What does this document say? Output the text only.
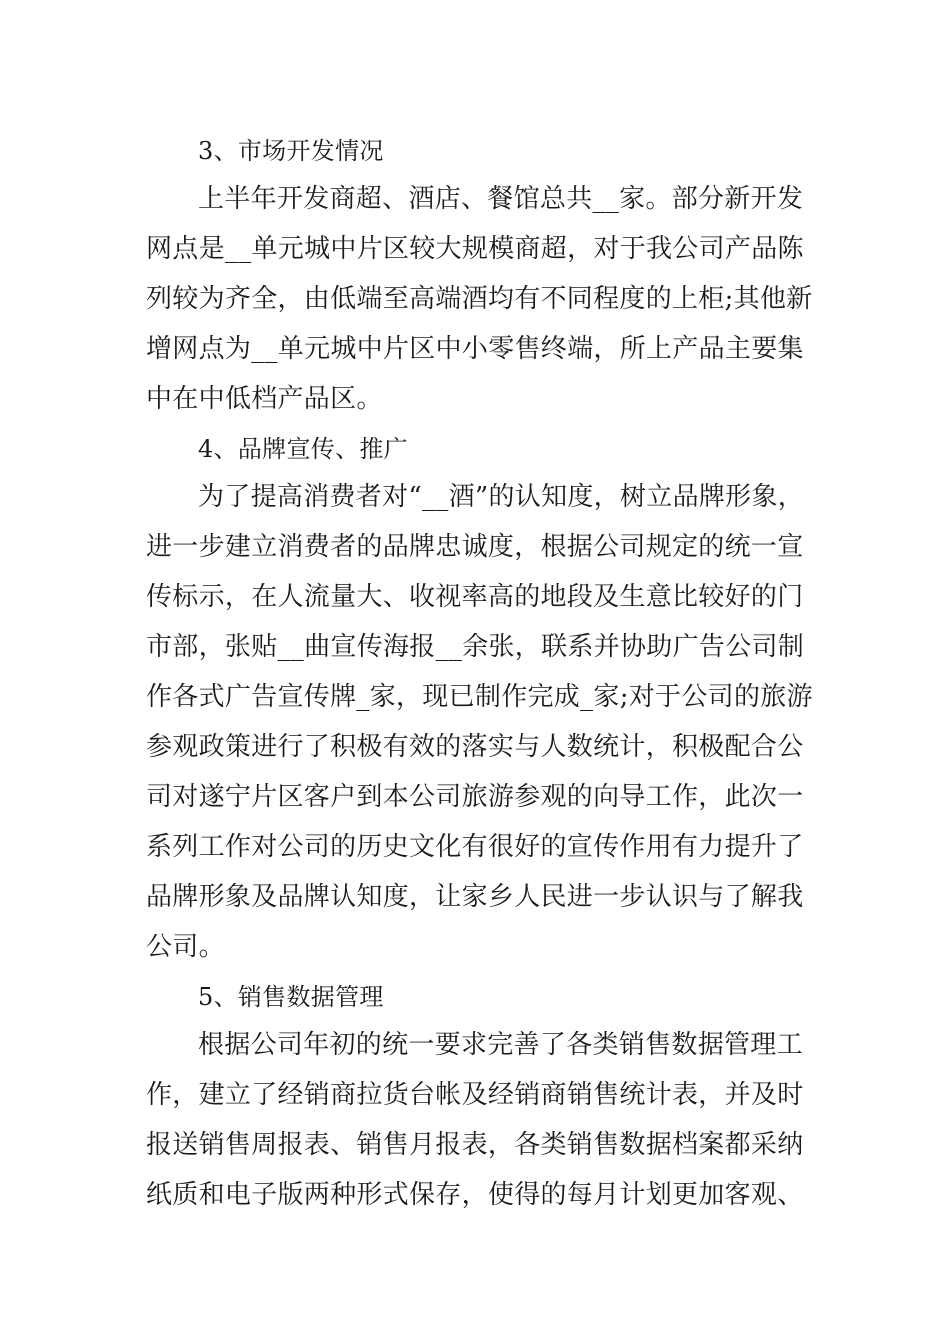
3、市场开发情况
上半年开发商超、酒店、餐馆总共__家。部分新开发
网点是__单元城中片区较大规模商超，对于我公司产品陈
列较为齐全，由低端至高端酒均有不同程度的上柜;其他新
增网点为__单元城中片区中小零售终端，所上产品主要集
中在中低档产品区。
4、品牌宣传、推广
为了提高消费者对“__酒”的认知度，树立品牌形象，
进一步建立消费者的品牌忠诚度，根据公司规定的统一宣
传标示，在人流量大、收视率高的地段及生意比较好的门
市部，张贴__曲宣传海报__余张，联系并协助广告公司制
作各式广告宣传牌_家，现已制作完成_家;对于公司的旅游
参观政策进行了积极有效的落实与人数统计，积极配合公
司对遂宁片区客户到本公司旅游参观的向导工作，此次一
系列工作对公司的历史文化有很好的宣传作用有力提升了
品牌形象及品牌认知度，让家乡人民进一步认识与了解我
公司。
5、销售数据管理
根据公司年初的统一要求完善了各类销售数据管理工
作，建立了经销商拉货台帐及经销商销售统计表，并及时
报送销售周报表、销售月报表，各类销售数据档案都采纳
纸质和电子版两种形式保存，使得的每月计划更加客观、
